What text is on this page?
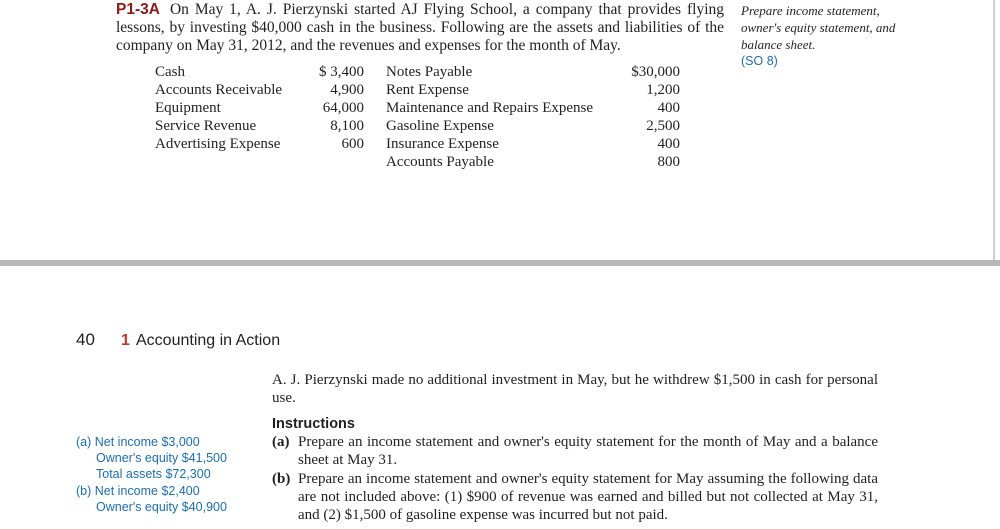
P1-3A On May 1, A. J. Pierzynski started AJ Flying School, a company that provides flying lessons, by investing $40,000 cash in the business. Following are the assets and liabilities of the company on May 31, 2012, and the revenues and expenses for the month of May.
Prepare income statement,
owner's equity statement, and
balance sheet.
(SO 8)
Cash	$ 3,400
Accounts Receivable	4,900
Equipment	64,000
Service Revenue	8,100
Advertising Expense	600
Notes Payable	$30,000
Rent Expense	1,200
Maintenance and Repairs Expense	400
Gasoline Expense	2,500
Insurance Expense	400
Accounts Payable	800
40 1 Accounting in Action
A. J. Pierzynski made no additional investment in May, but he withdrew $1,500 in cash for personal use.
Instructions
(a) Prepare an income statement and owner's equity statement for the month of May and a balance sheet at May 31.
(b) Prepare an income statement and owner's equity statement for May assuming the following data are not included above: (1) $900 of revenue was earned and billed but not collected at May 31, and (2) $1,500 of gasoline expense was incurred but not paid.
(a) Net income $3,000
Owner's equity $41,500
Total assets $72,300
(b) Net income $2,400
Owner's equity $40,900
